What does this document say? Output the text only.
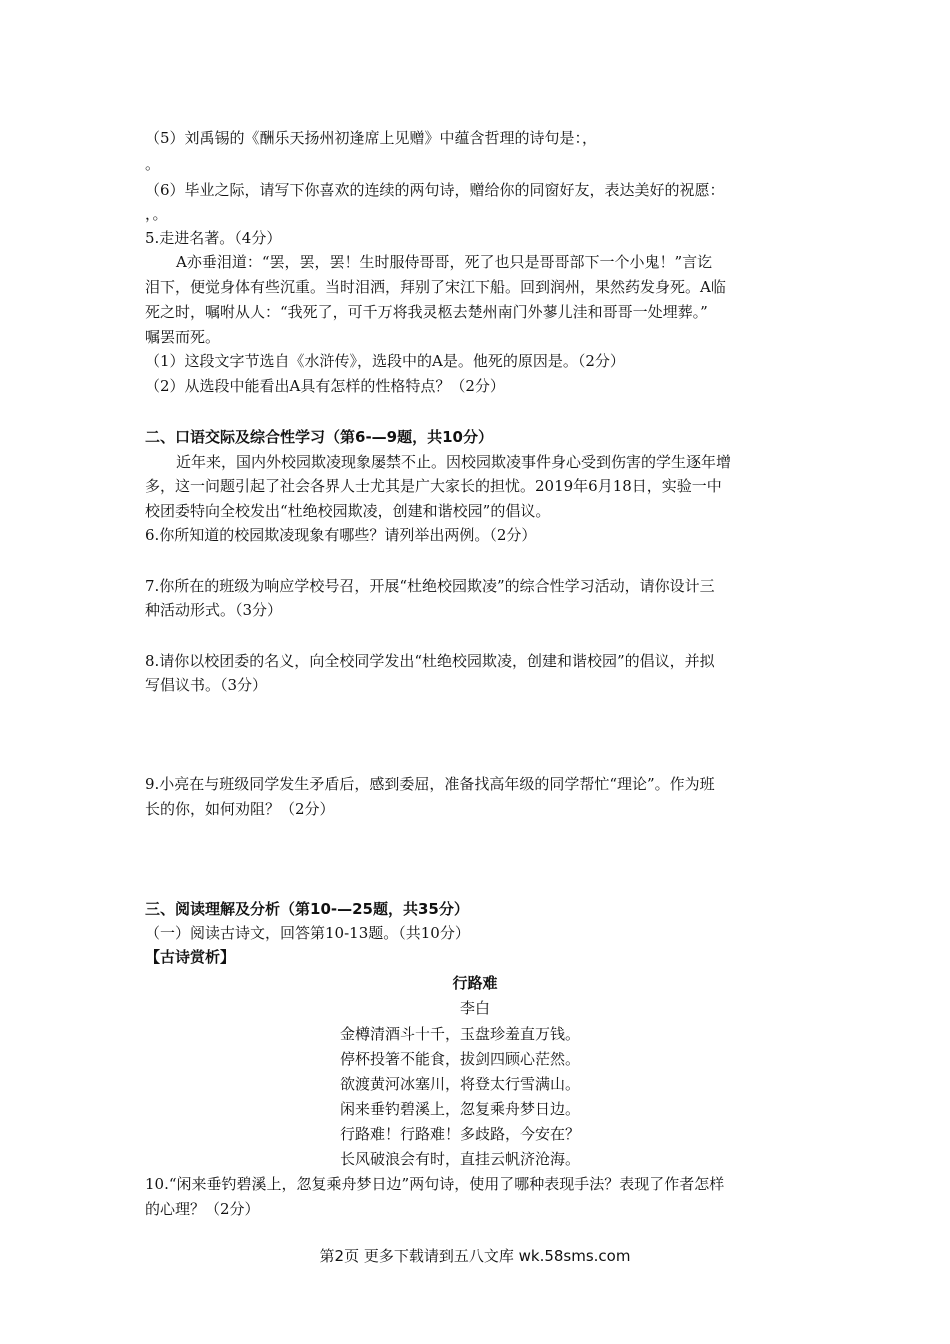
（5）刘禹锡的《酬乐天扬州初逢席上见赠》中蕴含哲理的诗句是：，
。
（6）毕业之际，请写下你喜欢的连续的两句诗，赠给你的同窗好友，表达美好的祝愿：
，。
5.走进名著。（4分）
A亦垂泪道：“罢，罢，罢！生时服侍哥哥，死了也只是哥哥部下一个小鬼！”言讫
泪下，便觉身体有些沉重。当时泪洒，拜别了宋江下船。回到润州，果然药发身死。A临
死之时，嘱咐从人：“我死了，可千万将我灵柩去楚州南门外蓼儿洼和哥哥一处埋葬。”
嘱罢而死。
（1）这段文字节选自《水浒传》，选段中的A是。他死的原因是。（2分）
（2）从选段中能看出A具有怎样的性格特点？（2分）
二、口语交际及综合性学习（第6-—9题，共10分）
近年来，国内外校园欺凌现象屡禁不止。因校园欺凌事件身心受到伤害的学生逐年增
多，这一问题引起了社会各界人士尤其是广大家长的担忧。2019年6月18日，实验一中
校团委特向全校发出“杜绝校园欺凌，创建和谐校园”的倡议。
6.你所知道的校园欺凌现象有哪些？请列举出两例。（2分）
7.你所在的班级为响应学校号召，开展“杜绝校园欺凌”的综合性学习活动，请你设计三
种活动形式。（3分）
8.请你以校团委的名义，向全校同学发出“杜绝校园欺凌，创建和谐校园”的倡议，并拟
写倡议书。（3分）
9.小亮在与班级同学发生矛盾后，感到委屈，准备找高年级的同学帮忙“理论”。作为班
长的你，如何劝阻？（2分）
三、阅读理解及分析（第10-—25题，共35分）
（一）阅读古诗文，回答第10-13题。（共10分）
【古诗赏析】
行路难
李白
金樽清酒斗十千，玉盘珍羞直万钱。
停杯投箸不能食，拔剑四顾心茫然。
欲渡黄河冰塞川，将登太行雪满山。
闲来垂钓碧溪上，忽复乘舟梦日边。
行路难！行路难！多歧路，今安在？
长风破浪会有时，直挂云帆济沧海。
10.“闲来垂钓碧溪上，忽复乘舟梦日边”两句诗，使用了哪种表现手法？表现了作者怎样
的心理？（2分）
第2页 更多下载请到五八文库 wk.58sms.com
